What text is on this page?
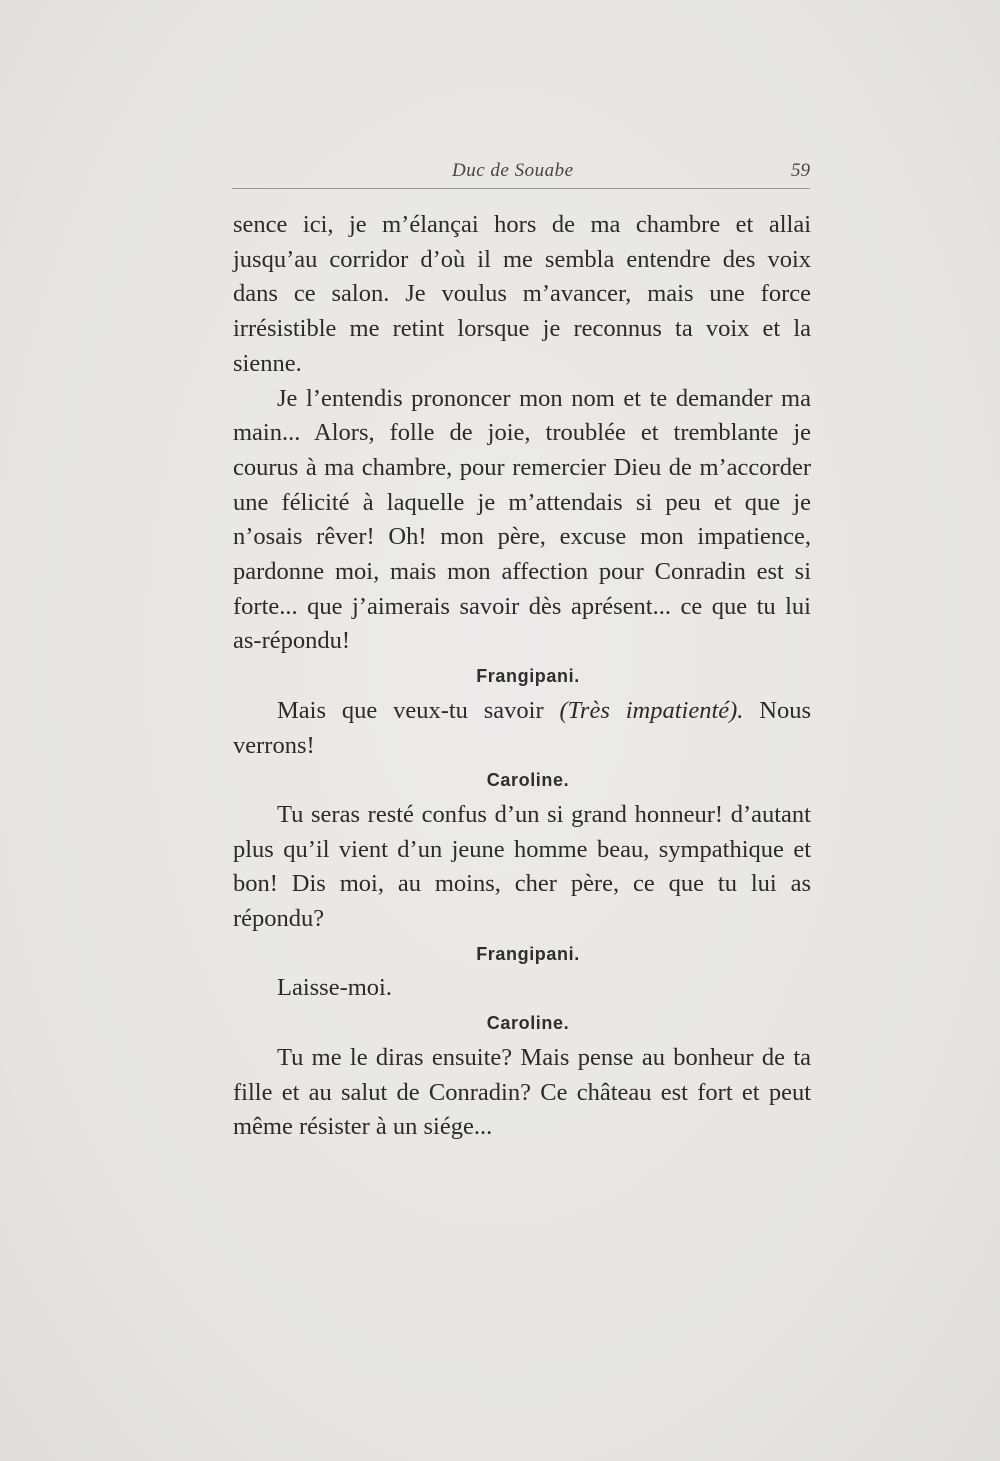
Duc de Souabe	59

sence ici, je m’élançai hors de ma chambre et allai jusqu’au corridor d’où il me sembla entendre des voix dans ce salon. Je voulus m’avancer, mais une force irrésistible me retint lorsque je reconnus ta voix et la sienne.

Je l’entendis prononcer mon nom et te demander ma main... Alors, folle de joie, troublée et tremblante je courus à ma chambre, pour remercier Dieu de m’accorder une félicité à laquelle je m’attendais si peu et que je n’osais rêver! Oh! mon père, excuse mon impatience, pardonne moi, mais mon affection pour Conradin est si forte... que j’aimerais savoir dès aprésent... ce que tu lui as-répondu!

Frangipani.

Mais que veux-tu savoir (Très impatienté). Nous verrons!

Caroline.

Tu seras resté confus d’un si grand honneur! d’autant plus qu’il vient d’un jeune homme beau, sympathique et bon! Dis moi, au moins, cher père, ce que tu lui as répondu?

Frangipani.

Laisse-moi.

Caroline.

Tu me le diras ensuite? Mais pense au bonheur de ta fille et au salut de Conradin? Ce château est fort et peut même résister à un siége...
